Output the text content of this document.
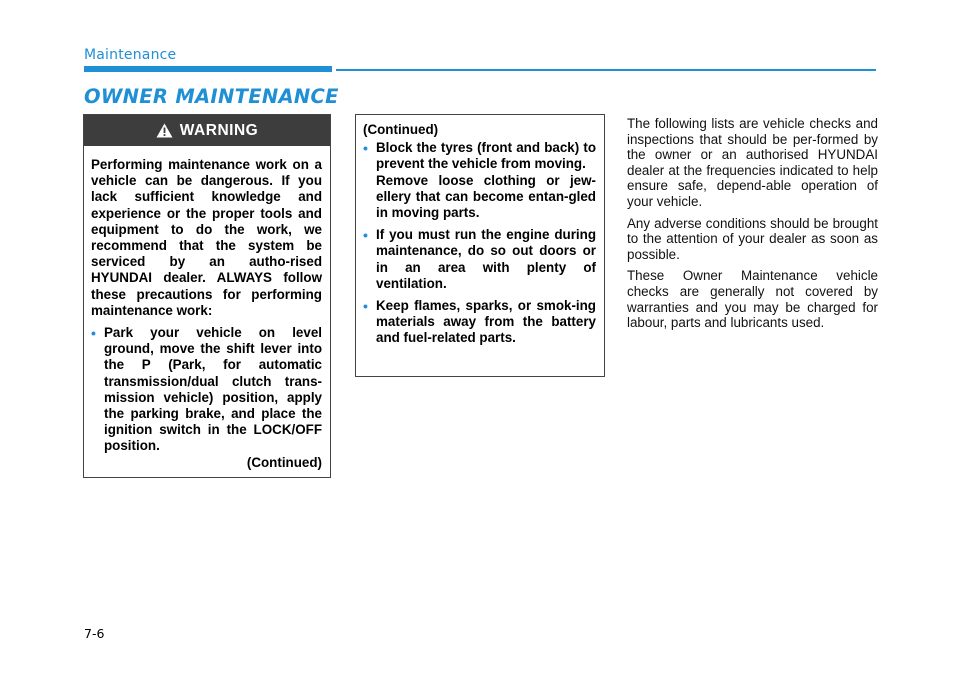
Maintenance
OWNER MAINTENANCE
WARNING

Performing maintenance work on a vehicle can be dangerous. If you lack sufficient knowledge and experience or the proper tools and equipment to do the work, we recommend that the system be serviced by an autho-rised HYUNDAI dealer. ALWAYS follow these precautions for performing maintenance work:

• Park your vehicle on level ground, move the shift lever into the P (Park, for automatic transmission/dual clutch trans-mission vehicle) position, apply the parking brake, and place the ignition switch in the LOCK/OFF position.

(Continued)

(Continued)

• Block the tyres (front and back) to prevent the vehicle from moving.

Remove loose clothing or jew-ellery that can become entan-gled in moving parts.

• If you must run the engine during maintenance, do so out doors or in an area with plenty of ventilation.
• Keep flames, sparks, or smok-ing materials away from the battery and fuel-related parts.

The following lists are vehicle checks and inspections that should be per-formed by the owner or an authorised HYUNDAI dealer at the frequencies indicated to help ensure safe, depend-able operation of your vehicle.

Any adverse conditions should be brought to the attention of your dealer as soon as possible.

These Owner Maintenance vehicle checks are generally not covered by warranties and you may be charged for labour, parts and lubricants used.

7-6
